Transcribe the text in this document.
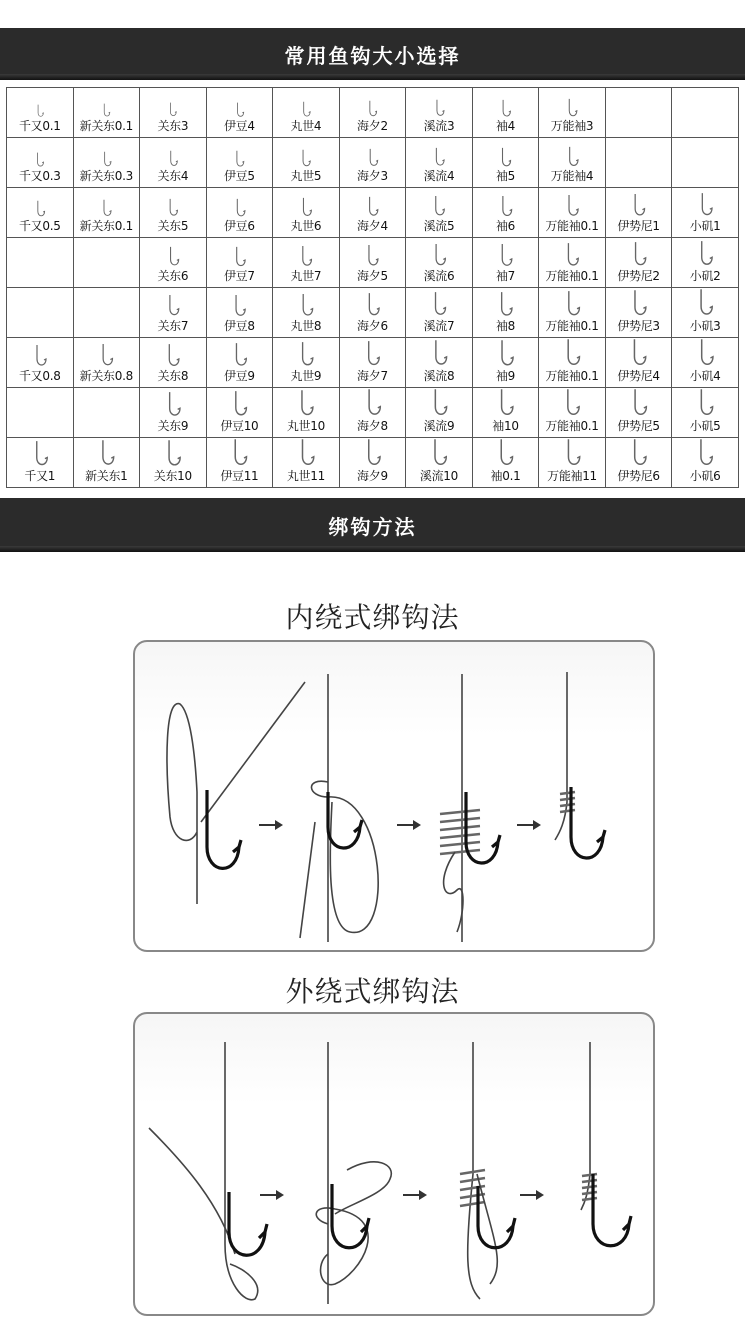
常用鱼钩大小选择
千又0.1	新关东0.1	关东3	伊豆4	丸世4	海夕2	溪流3	袖4	万能袖3		

千又0.3	新关东0.3	关东4	伊豆5	丸世5	海夕3	溪流4	袖5	万能袖4		

千又0.5	新关东0.1	关东5	伊豆6	丸世6	海夕4	溪流5	袖6	万能袖0.1	伊势尼1	小矶1

		关东6	伊豆7	丸世7	海夕5	溪流6	袖7	万能袖0.1	伊势尼2	小矶2

		关东7	伊豆8	丸世8	海夕6	溪流7	袖8	万能袖0.1	伊势尼3	小矶3

千又0.8	新关东0.8	关东8	伊豆9	丸世9	海夕7	溪流8	袖9	万能袖0.1	伊势尼4	小矶4

		关东9	伊豆10	丸世10	海夕8	溪流9	袖10	万能袖0.1	伊势尼5	小矶5

千又1	新关东1	关东10	伊豆11	丸世11	海夕9	溪流10	袖0.1	万能袖11	伊势尼6	小矶6
绑钩方法
内绕式绑钩法
外绕式绑钩法
